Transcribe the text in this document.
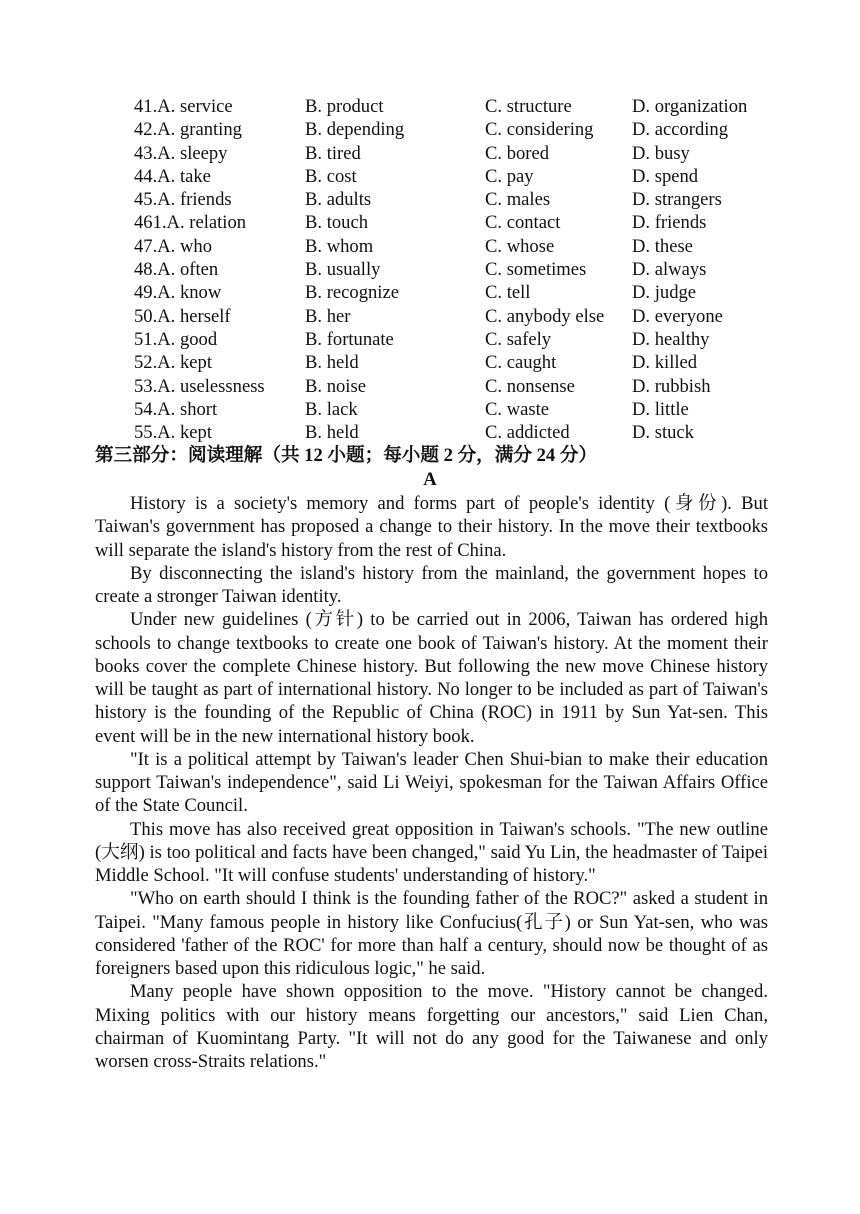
41.A. service	B. product	C. structure	D. organization
42.A. granting	B. depending	C. considering D. according
43.A. sleepy	B. tired	C. bored	D. busy
44.A. take	B. cost	C. pay	D. spend
45.A. friends	B. adults	C. males	D. strangers
461.A. relation	B. touch	C. contact	D. friends
47.A. who	B. whom	C. whose	D. these
48.A. often	B. usually	C. sometimes D. always
49.A. know	B. recognize	C. tell	D. judge
50.A. herself	B. her	C. anybody else D. everyone
51.A. good	B. fortunate	C. safely	D. healthy
52.A. kept	B. held	C. caught	D. killed
53.A. uselessness B. noise	C. nonsense	D. rubbish
54.A. short	B. lack	C. waste	D. little
55.A. kept	B. held	C. addicted	D. stuck
第三部分：阅读理解（共 12 小题；每小题 2 分，满分 24 分）
A

History is a society's memory and forms part of people's identity (身份). But Taiwan's government has proposed a change to their history. In the move their textbooks will separate the island's history from the rest of China.

By disconnecting the island's history from the mainland, the government hopes to create a stronger Taiwan identity.

Under new guidelines (方针) to be carried out in 2006, Taiwan has ordered high schools to change textbooks to create one book of Taiwan's history. At the moment their books cover the complete Chinese history. But following the new move Chinese history will be taught as part of international history. No longer to be included as part of Taiwan's history is the founding of the Republic of China (ROC) in 1911 by Sun Yat-sen. This event will be in the new international history book.

"It is a political attempt by Taiwan's leader Chen Shui-bian to make their education support Taiwan's independence", said Li Weiyi, spokesman for the Taiwan Affairs Office of the State Council.

This move has also received great opposition in Taiwan's schools. "The new outline (大纲) is too political and facts have been changed," said Yu Lin, the headmaster of Taipei Middle School. "It will confuse students' understanding of history."

"Who on earth should I think is the founding father of the ROC?" asked a student in Taipei. "Many famous people in history like Confucius(孔子) or Sun Yat-sen, who was considered 'father of the ROC' for more than half a century, should now be thought of as foreigners based upon this ridiculous logic," he said.

Many people have shown opposition to the move. "History cannot be changed. Mixing politics with our history means forgetting our ancestors," said Lien Chan, chairman of Kuomintang Party. "It will not do any good for the Taiwanese and only worsen cross-Straits relations."
